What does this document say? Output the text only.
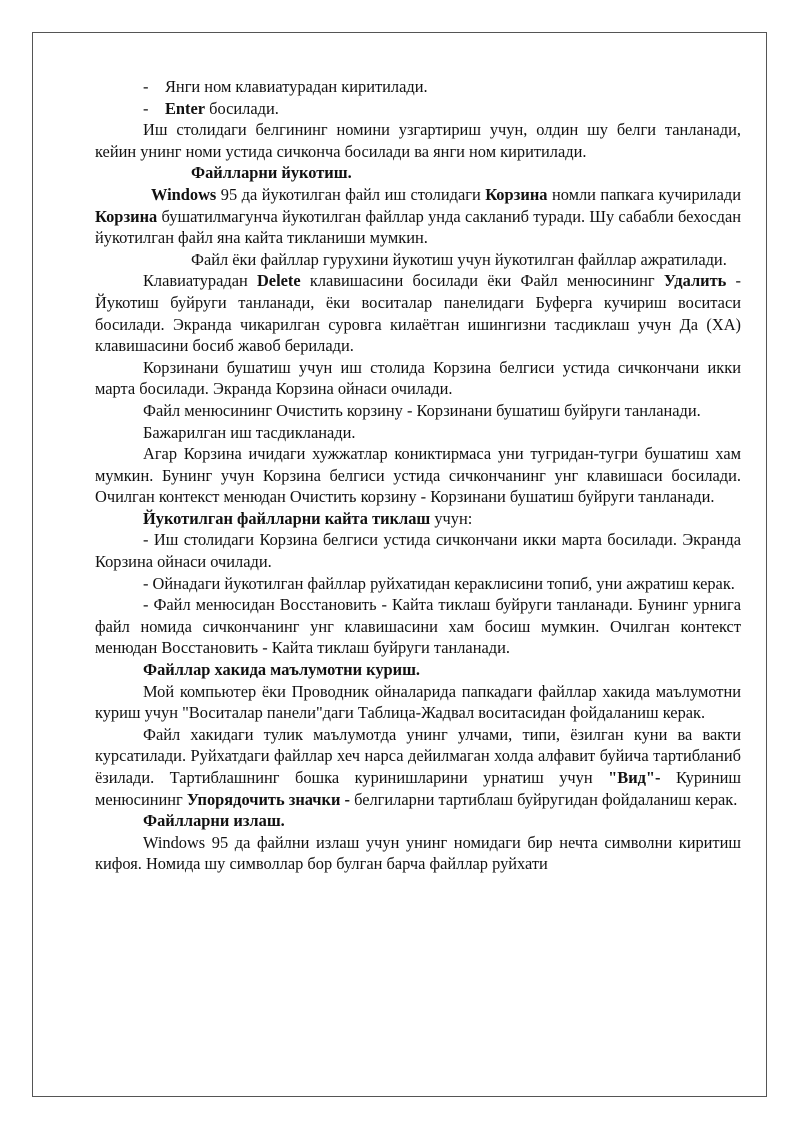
- Янги ном клавиатурадан киритилади.

- Enter босилади.

Иш столидаги белгининг номини узгартириш учун, олдин шу белги танланади, кейин унинг номи устида сичконча босилади ва янги ном киритилади.

Файлларни йукотиш.

Windows 95 да йукотилган файл иш столидаги Корзина номли папкага кучирилади Корзина бушатилмагунча йукотилган файллар унда сакланиб туради. Шу сабабли бехосдан йукотилган файл яна кайта тикланиши мумкин.

Файл ёки файллар гурухини йукотиш учун йукотилган файллар ажратилади.

Клавиатурадан Delete клавишасини босилади ёки Файл менюсининг Удалить - Йукотиш буйруги танланади, ёки воситалар панелидаги Буферга кучириш воситаси босилади. Экранда чикарилган суровга килаётган ишингизни тасдиклаш учун Да (ХА) клавишасини босиб жавоб берилади.

Корзинани бушатиш учун иш столида Корзина белгиси устида сичкончани икки марта босилади. Экранда Корзина ойнаси очилади.

Файл менюсининг Очистить корзину - Корзинани бушатиш буйруги танланади.

Бажарилган иш тасдикланади.

Агар Корзина ичидаги хужжатлар кониктирмаса уни тугридан-тугри бушатиш хам мумкин. Бунинг учун Корзина белгиси устида сичкончанинг унг клавишаси босилади. Очилган контекст менюдан Очистить корзину - Корзинани бушатиш буйруги танланади.

Йукотилган файлларни кайта тиклаш учун:

- Иш столидаги Корзина белгиси устида сичкончани икки марта босилади. Экранда Корзина ойнаси очилади.

- Ойнадаги йукотилган файллар руйхатидан кераклисини топиб, уни ажратиш керак.

- Файл менюсидан Восстановить - Кайта тиклаш буйруги танланади. Бунинг урнига файл номида сичкончанинг унг клавишасини хам босиш мумкин. Очилган контекст менюдан Восстановить - Кайта тиклаш буйруги танланади.

Файллар хакида маълумотни куриш.

Мой компьютер ёки Проводник ойналарида папкадаги файллар хакида маълумотни куриш учун "Воситалар панели"даги Таблица-Жадвал воситасидан фойдаланиш керак.

Файл хакидаги тулик маълумотда унинг улчами, типи, ёзилган куни ва вакти курсатилади. Руйхатдаги файллар хеч нарса дейилмаган холда алфавит буйича тартибланиб ёзилади. Тартиблашнинг бошка куринишларини урнатиш учун "Вид"- Куриниш менюсининг Упорядочить значки - белгиларни тартиблаш буйругидан фойдаланиш керак.

Файлларни излаш.

Windows 95 да файлни излаш учун унинг номидаги бир нечта символни киритиш кифоя. Номида шу символлар бор булган барча файллар руйхати
